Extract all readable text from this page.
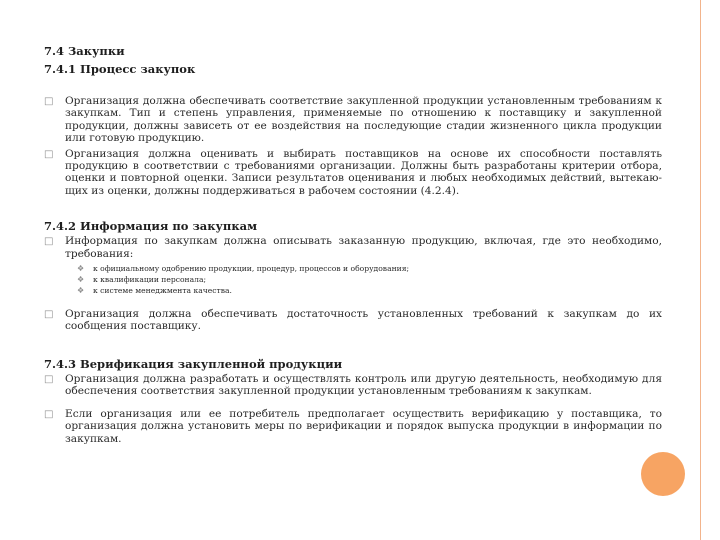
7.4 Закупки

7.4.1 Процесс закупок

□ Организация должна обеспечивать соответствие закупленной продукции установленным требованиям к закупкам. Тип и степень управления, применяемые по отношению к поставщику и закупленной продукции, должны зависеть от ее воздействия на последующие стадии жизненного цикла продукции или готовую продукцию.
□ Организация должна оценивать и выбирать поставщиков на основе их способности поставлять продукцию в соответствии с требованиями организации. Должны быть разработаны критерии отбора, оценки и повторной оценки. Записи результатов оценивания и любых необходимых действий, вытекаю-щих из оценки, должны поддерживаться в рабочем состоянии (4.2.4).

7.4.2 Информация по закупкам

□ Информация по закупкам должна описывать заказанную продукцию, включая, где это необходимо, требования:
❖ к официальному одобрению продукции, процедур, процессов и оборудования;
❖ к квалификации персонала;
❖ к системе менеджмента качества.
□ Организация должна обеспечивать достаточность установленных требований к закупкам до их сообщения поставщику.

7.4.3 Верификация закупленной продукции

□ Организация должна разработать и осуществлять контроль или другую деятельность, необходимую для обеспечения соответствия закупленной продукции установленным требованиям к закупкам.
□ Если организация или ее потребитель предполагает осуществить верификацию у поставщика, то организация должна установить меры по верификации и порядок выпуска продукции в информации по закупкам.
